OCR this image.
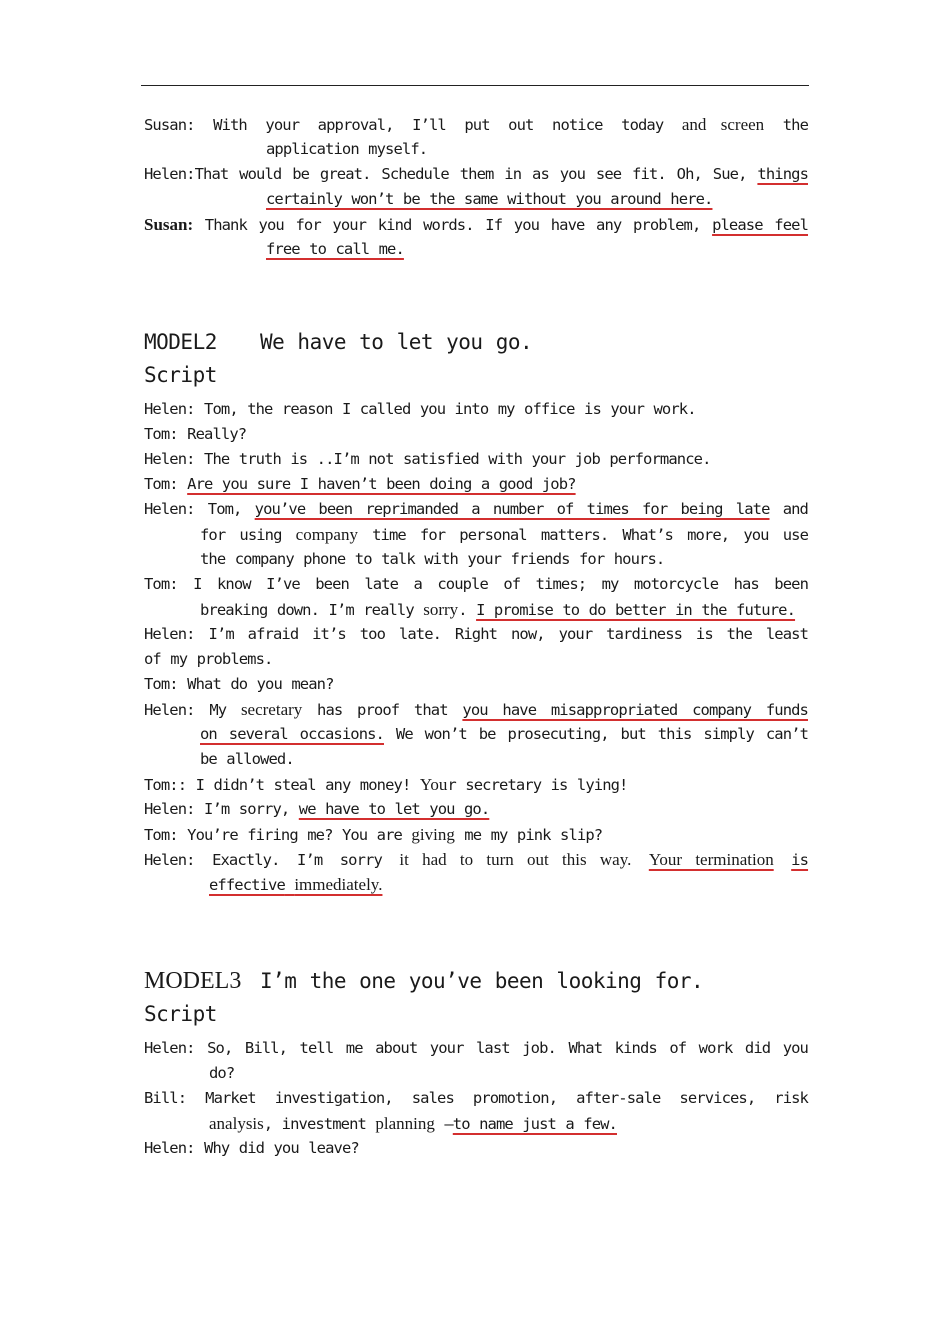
Susan: With your approval, I’ll put out notice today and screen the
application myself.
Helen:That would be great. Schedule them in as you see fit. Oh, Sue, things
certainly won’t be the same without you around here.
Susan: Thank you for your kind words. If you have any problem, please feel
free to call me.
MODEL2 We have to let you go.
Script
Helen: Tom, the reason I called you into my office is your work.
Tom: Really?
Helen: The truth is ..I’m not satisfied with your job performance.
Tom: Are you sure I haven’t been doing a good job?
Helen: Tom, you’ve been reprimanded a number of times for being late and
for using company time for personal matters. What’s more, you use
the company phone to talk with your friends for hours.
Tom: I know I’ve been late a couple of times; my motorcycle has been
breaking down. I’m really sorry. I promise to do better in the future.
Helen: I’m afraid it’s too late. Right now, your tardiness is the least
of my problems.
Tom: What do you mean?
Helen: My secretary has proof that you have misappropriated company funds
on several occasions. We won’t be prosecuting, but this simply can’t
be allowed.
Tom:: I didn’t steal any money! Your secretary is lying!
Helen: I’m sorry, we have to let you go.
Tom: You’re firing me? You are giving me my pink slip?
Helen: Exactly. I’m sorry it had to turn out this way. Your termination is
effective immediately.
MODEL3 I’m the one you’ve been looking for.
Script
Helen: So, Bill, tell me about your last job. What kinds of work did you
do?
Bill: Market investigation, sales promotion, after-sale services, risk
analysis, investment planning —to name just a few.
Helen: Why did you leave?
